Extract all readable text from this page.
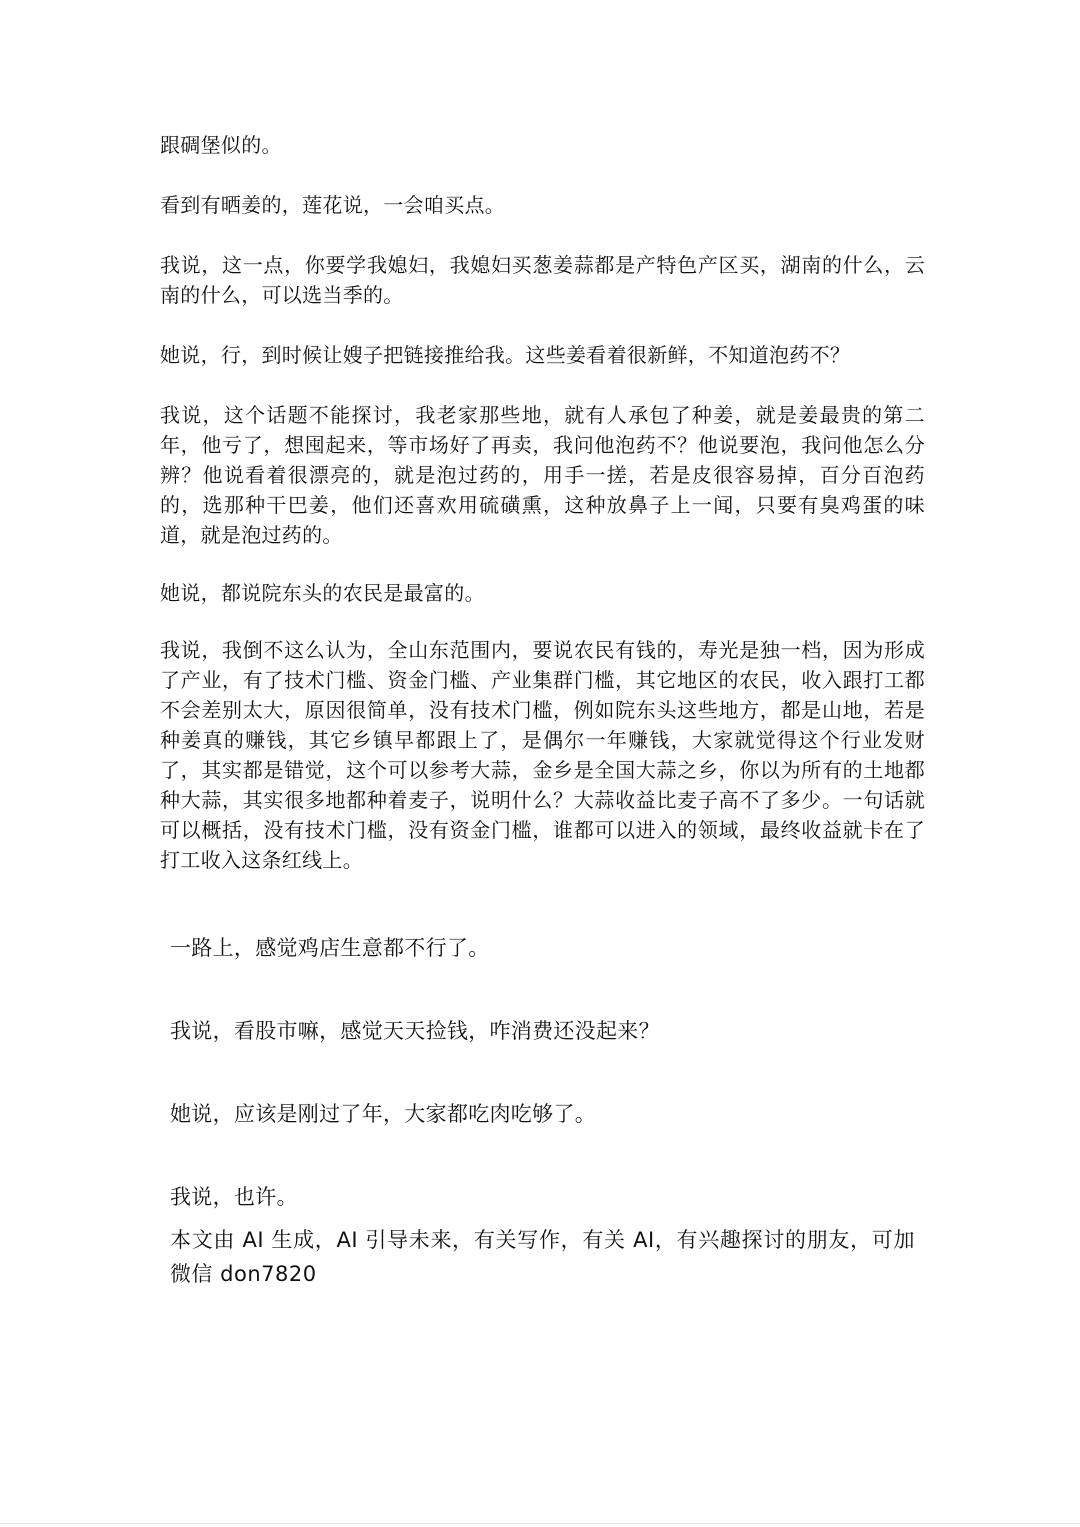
跟碉堡似的。

看到有晒姜的，莲花说，一会咱买点。

我说，这一点，你要学我媳妇，我媳妇买葱姜蒜都是产特色产区买，湖南的什么，云南的什么，可以选当季的。

她说，行，到时候让嫂子把链接推给我。这些姜看着很新鲜，不知道泡药不？

我说，这个话题不能探讨，我老家那些地，就有人承包了种姜，就是姜最贵的第二年，他亏了，想囤起来，等市场好了再卖，我问他泡药不？他说要泡，我问他怎么分辨？他说看着很漂亮的，就是泡过药的，用手一搓，若是皮很容易掉，百分百泡药的，选那种干巴姜，他们还喜欢用硫磺熏，这种放鼻子上一闻，只要有臭鸡蛋的味道，就是泡过药的。

她说，都说院东头的农民是最富的。

我说，我倒不这么认为，全山东范围内，要说农民有钱的，寿光是独一档，因为形成了产业，有了技术门槛、资金门槛、产业集群门槛，其它地区的农民，收入跟打工都不会差别太大，原因很简单，没有技术门槛，例如院东头这些地方，都是山地，若是种姜真的赚钱，其它乡镇早都跟上了，是偶尔一年赚钱，大家就觉得这个行业发财了，其实都是错觉，这个可以参考大蒜，金乡是全国大蒜之乡，你以为所有的土地都种大蒜，其实很多地都种着麦子，说明什么？大蒜收益比麦子高不了多少。一句话就可以概括，没有技术门槛，没有资金门槛，谁都可以进入的领域，最终收益就卡在了打工收入这条红线上。

一路上，感觉鸡店生意都不行了。

我说，看股市嘛，感觉天天捡钱，咋消费还没起来？

她说，应该是刚过了年，大家都吃肉吃够了。

我说，也许。

本文由 AI 生成，AI 引导未来，有关写作，有关 AI，有兴趣探讨的朋友，可加微信 don7820
